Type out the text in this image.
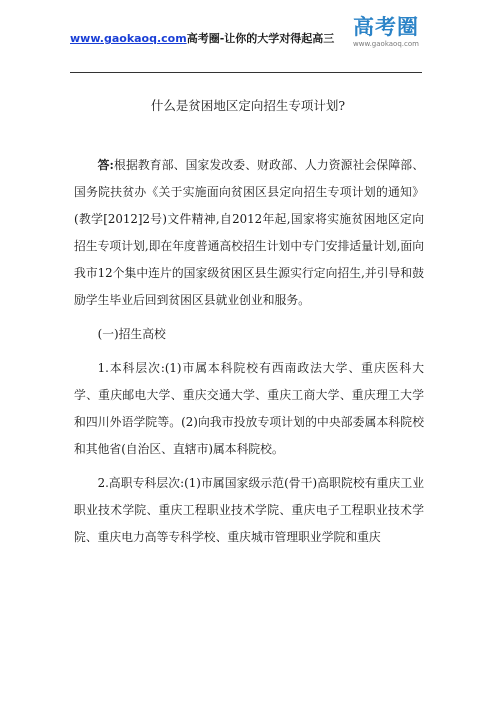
www.gaokaoq.com高考圈-让你的大学对得起高三 高考圈
www.gaokaoq.com
什么是贫困地区定向招生专项计划?

答:根据教育部、国家发改委、财政部、人力资源社会保障部、国务院扶贫办《关于实施面向贫困区县定向招生专项计划的通知》(教学[2012]2号)文件精神,自2012年起,国家将实施贫困地区定向招生专项计划,即在年度普通高校招生计划中专门安排适量计划,面向我市12个集中连片的国家级贫困区县生源实行定向招生,并引导和鼓励学生毕业后回到贫困区县就业创业和服务。

(一)招生高校

1.本科层次:(1)市属本科院校有西南政法大学、重庆医科大学、重庆邮电大学、重庆交通大学、重庆工商大学、重庆理工大学和四川外语学院等。(2)向我市投放专项计划的中央部委属本科院校和其他省(自治区、直辖市)属本科院校。

2.高职专科层次:(1)市属国家级示范(骨干)高职院校有重庆工业职业技术学院、重庆工程职业技术学院、重庆电子工程职业技术学院、重庆电力高等专科学校、重庆城市管理职业学院和重庆
